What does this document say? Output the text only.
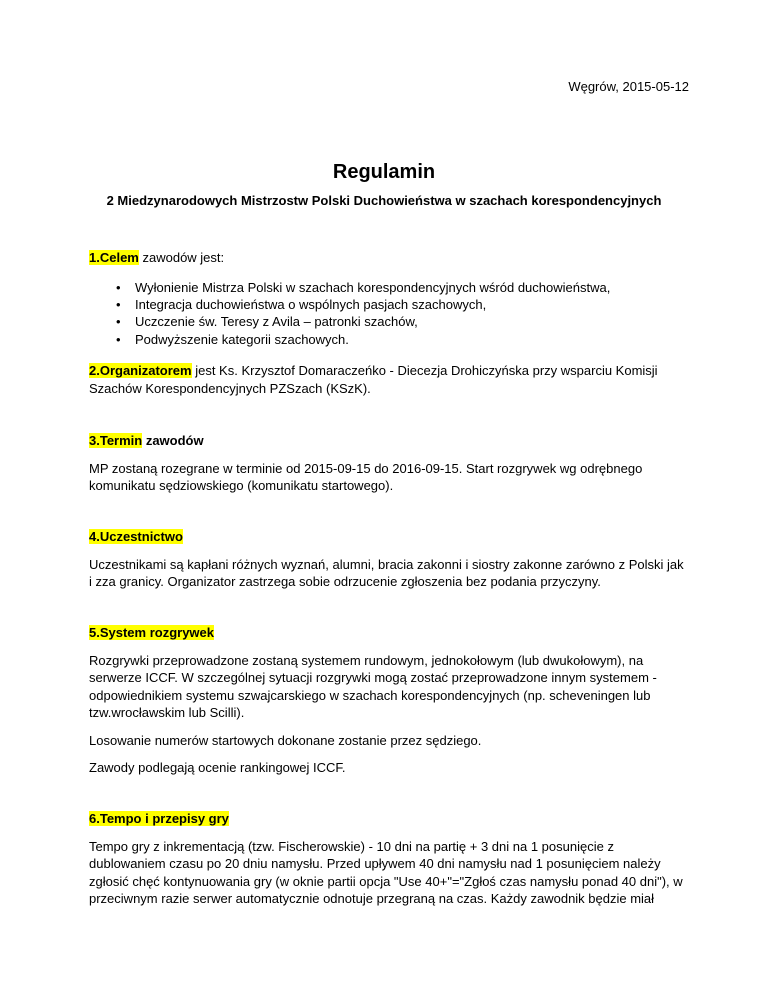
Węgrów, 2015-05-12
Regulamin
2 Miedzynarodowych Mistrzostw Polski Duchowieństwa w szachach korespondencyjnych

1.Celem zawodów jest:

• Wyłonienie Mistrza Polski w szachach korespondencyjnych wśród duchowieństwa,
• Integracja duchowieństwa o wspólnych pasjach szachowych,
• Uczczenie św. Teresy z Avila – patronki szachów,
• Podwyższenie kategorii szachowych.

2.Organizatorem jest Ks. Krzysztof Domaraczeńko - Diecezja Drohiczyńska przy wsparciu Komisji
Szachów Korespondencyjnych PZSzach (KSzK).

3.Termin zawodów

MP zostaną rozegrane w terminie od 2015-09-15 do 2016-09-15. Start rozgrywek wg odrębnego komunikatu sędziowskiego (komunikatu startowego).

4.Uczestnictwo

Uczestnikami są kapłani różnych wyznań, alumni, bracia zakonni i siostry zakonne zarówno z Polski jak i zza granicy. Organizator zastrzega sobie odrzucenie zgłoszenia bez podania przyczyny.

5.System rozgrywek

Rozgrywki przeprowadzone zostaną systemem rundowym, jednokołowym (lub dwukołowym), na serwerze ICCF. W szczególnej sytuacji rozgrywki mogą zostać przeprowadzone innym systemem - odpowiednikiem systemu szwajcarskiego w szachach korespondencyjnych (np. scheveningen lub tzw.wrocławskim lub Scilli).

Losowanie numerów startowych dokonane zostanie przez sędziego.

Zawody podlegają ocenie rankingowej ICCF.

6.Tempo i przepisy gry

Tempo gry z inkrementacją (tzw. Fischerowskie) - 10 dni na partię + 3 dni na 1 posunięcie z dublowaniem czasu po 20 dniu namysłu. Przed upływem 40 dni namysłu nad 1 posunięciem należy zgłosić chęć kontynuowania gry (w oknie partii opcja "Use 40+"="Zgłoś czas namysłu ponad 40 dni"), w przeciwnym razie serwer automatycznie odnotuje przegraną na czas. Każdy zawodnik będzie miał
